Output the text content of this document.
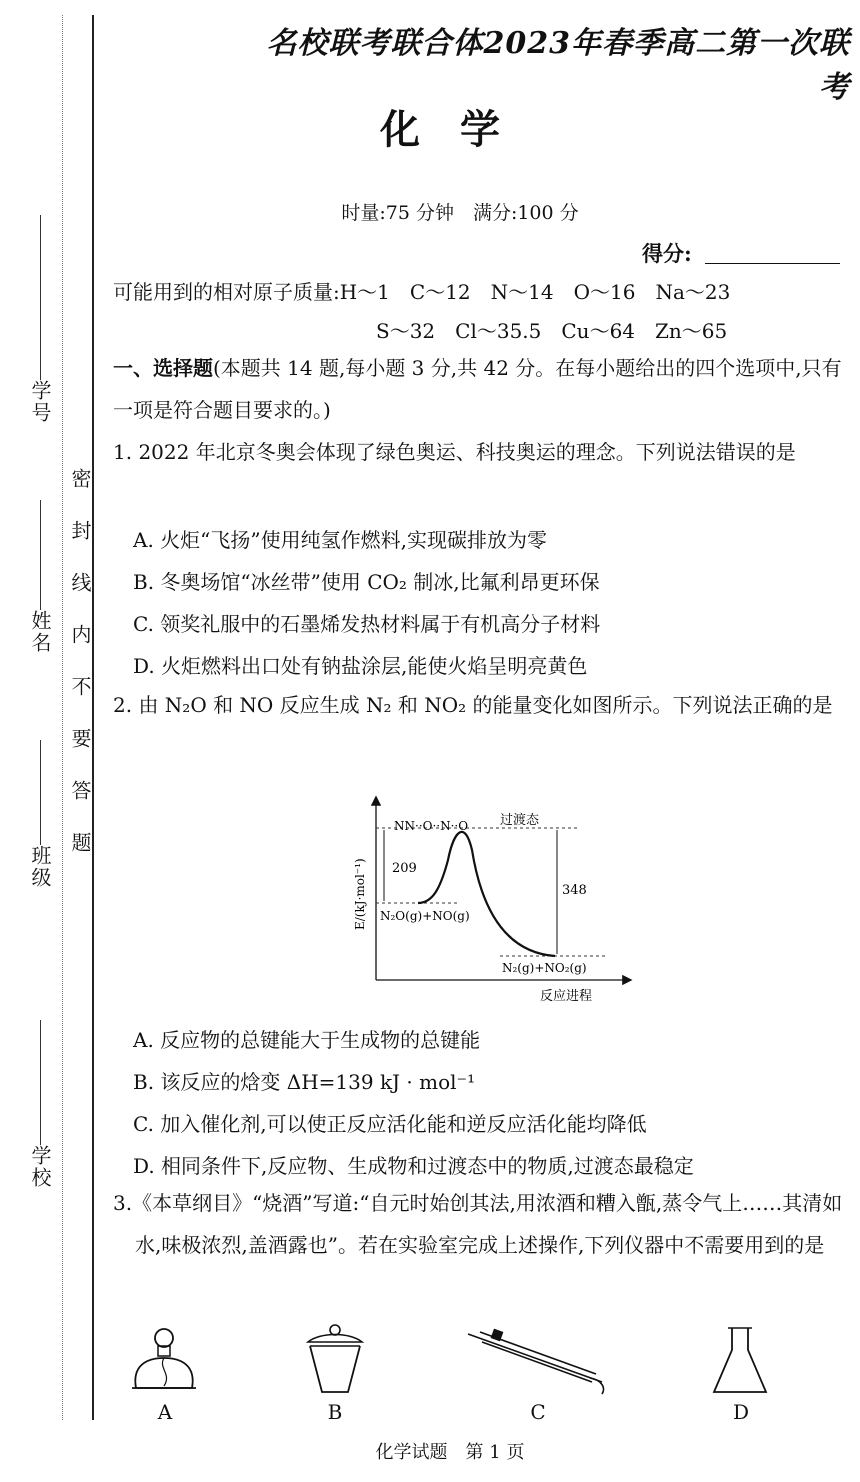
学号
姓名
班级
学校
密　封　线　内　不　要　答　题
名校联考联合体2023年春季高二第一次联考
化学
时量:75 分钟　满分:100 分
得分:
可能用到的相对原子质量:H～1　C～12　N～14　O～16　Na～23
S～32　Cl～35.5　Cu～64　Zn～65
一、选择题(本题共 14 题,每小题 3 分,共 42 分。在每小题给出的四个选项中,只有一项是符合题目要求的。)
1. 2022 年北京冬奥会体现了绿色奥运、科技奥运的理念。下列说法错误的是
A. 火炬“飞扬”使用纯氢作燃料,实现碳排放为零
B. 冬奥场馆“冰丝带”使用 CO₂ 制冰,比氟利昂更环保
C. 领奖礼服中的石墨烯发热材料属于有机高分子材料
D. 火炬燃料出口处有钠盐涂层,能使火焰呈明亮黄色
2. 由 N₂O 和 NO 反应生成 N₂ 和 NO₂ 的能量变化如图所示。下列说法正确的是
209
348
NN··O··N··O 过渡态
N₂O(g)+NO(g)
N₂(g)+NO₂(g)
反应进程
E/(kJ·mol⁻¹)
A. 反应物的总键能大于生成物的总键能
B. 该反应的焓变 ΔH=139 kJ · mol⁻¹
C. 加入催化剂,可以使正反应活化能和逆反应活化能均降低
D. 相同条件下,反应物、生成物和过渡态中的物质,过渡态最稳定
3.《本草纲目》“烧酒”写道:“自元时始创其法,用浓酒和糟入甑,蒸令气上……其清如水,味极浓烈,盖酒露也”。若在实验室完成上述操作,下列仪器中不需要用到的是
A	B	C	D
化学试题　第 1 页
